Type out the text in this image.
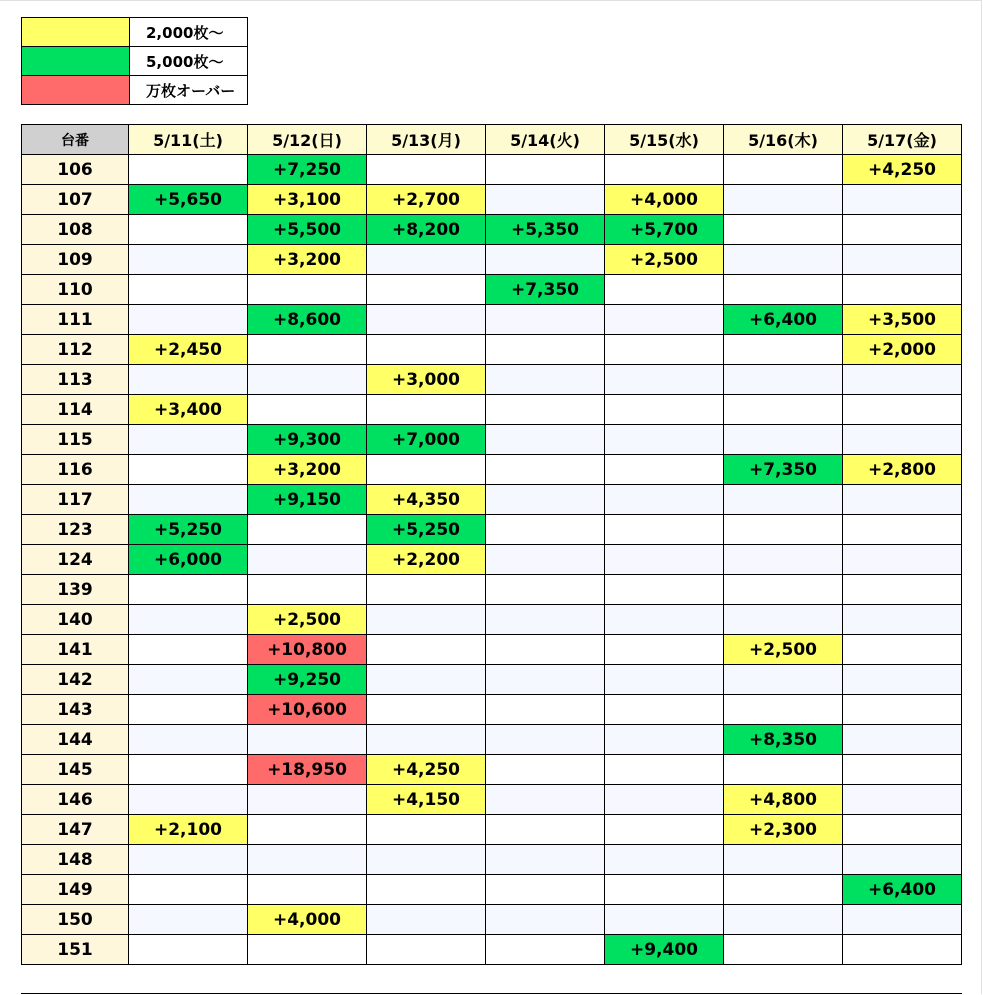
	2,000枚～
	5,000枚～
	万枚オーバー
台番	5/11(土)	5/12(日)	5/13(月)	5/14(火)	5/15(水)	5/16(木)	5/17(金)
106		+7,250					+4,250
107	+5,650	+3,100	+2,700		+4,000		
108		+5,500	+8,200	+5,350	+5,700		
109		+3,200			+2,500		
110				+7,350			
111		+8,600				+6,400	+3,500
112	+2,450						+2,000
113			+3,000				
114	+3,400						
115		+9,300	+7,000				
116		+3,200				+7,350	+2,800
117		+9,150	+4,350				
123	+5,250		+5,250				
124	+6,000		+2,200				
139							
140		+2,500					
141		+10,800				+2,500	
142		+9,250					
143		+10,600					
144						+8,350	
145		+18,950	+4,250				
146			+4,150			+4,800	
147	+2,100					+2,300	
148							
149							+6,400
150		+4,000					
151					+9,400		
